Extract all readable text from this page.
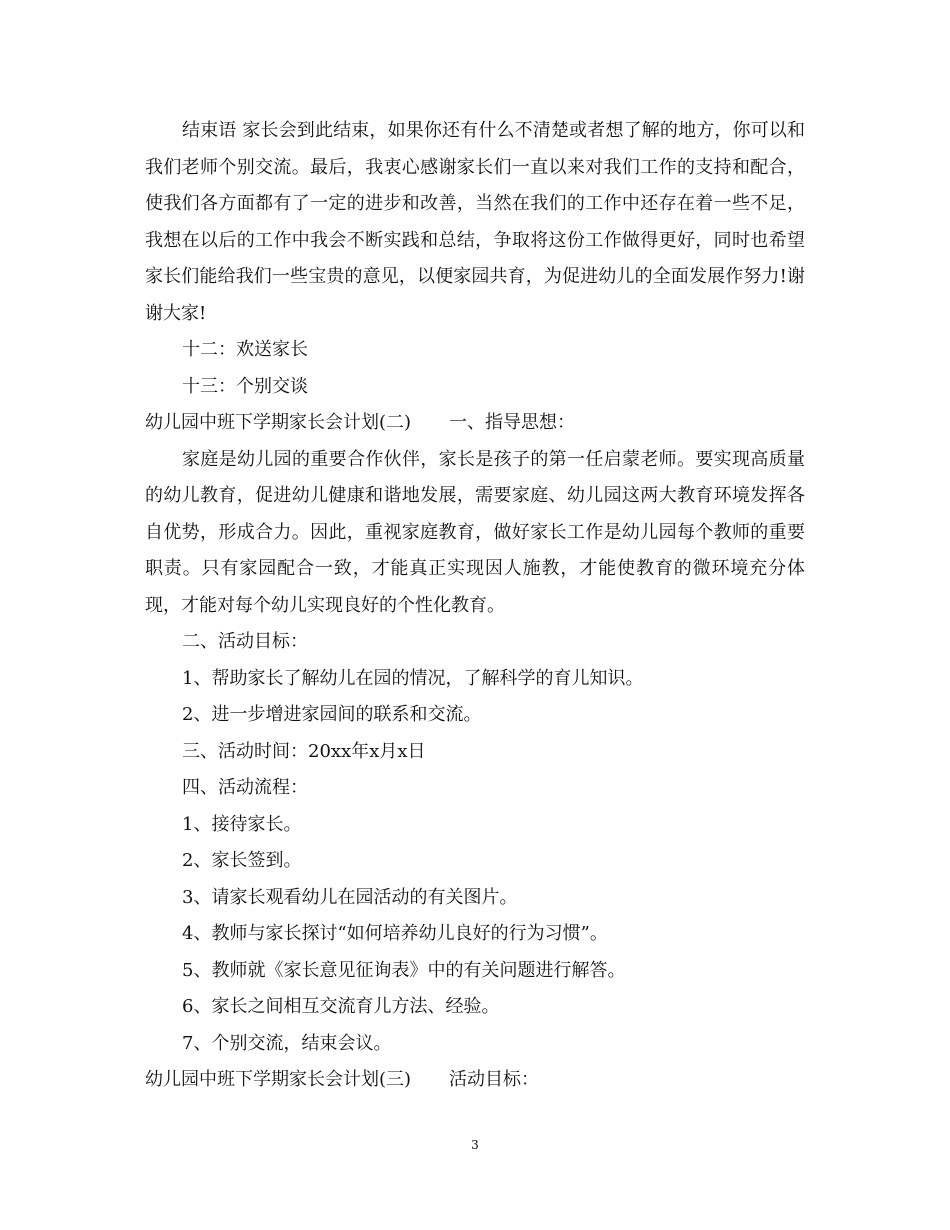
结束语 家长会到此结束，如果你还有什么不清楚或者想了解的地方，你可以和我们老师个别交流。最后，我衷心感谢家长们一直以来对我们工作的支持和配合，使我们各方面都有了一定的进步和改善，当然在我们的工作中还存在着一些不足，我想在以后的工作中我会不断实践和总结，争取将这份工作做得更好，同时也希望家长们能给我们一些宝贵的意见，以便家园共育，为促进幼儿的全面发展作努力!谢谢大家!

十二：欢送家长

十三：个别交谈

幼儿园中班下学期家长会计划(二) 一、指导思想：

家庭是幼儿园的重要合作伙伴，家长是孩子的第一任启蒙老师。要实现高质量的幼儿教育，促进幼儿健康和谐地发展，需要家庭、幼儿园这两大教育环境发挥各自优势，形成合力。因此，重视家庭教育，做好家长工作是幼儿园每个教师的重要职责。只有家园配合一致，才能真正实现因人施教，才能使教育的微环境充分体现，才能对每个幼儿实现良好的个性化教育。

二、活动目标：

1、帮助家长了解幼儿在园的情况，了解科学的育儿知识。

2、进一步增进家园间的联系和交流。

三、活动时间：20xx年x月x日

四、活动流程：

1、接待家长。

2、家长签到。

3、请家长观看幼儿在园活动的有关图片。

4、教师与家长探讨“如何培养幼儿良好的行为习惯”。

5、教师就《家长意见征询表》中的有关问题进行解答。

6、家长之间相互交流育儿方法、经验。

7、个别交流，结束会议。

幼儿园中班下学期家长会计划(三) 活动目标：

3
